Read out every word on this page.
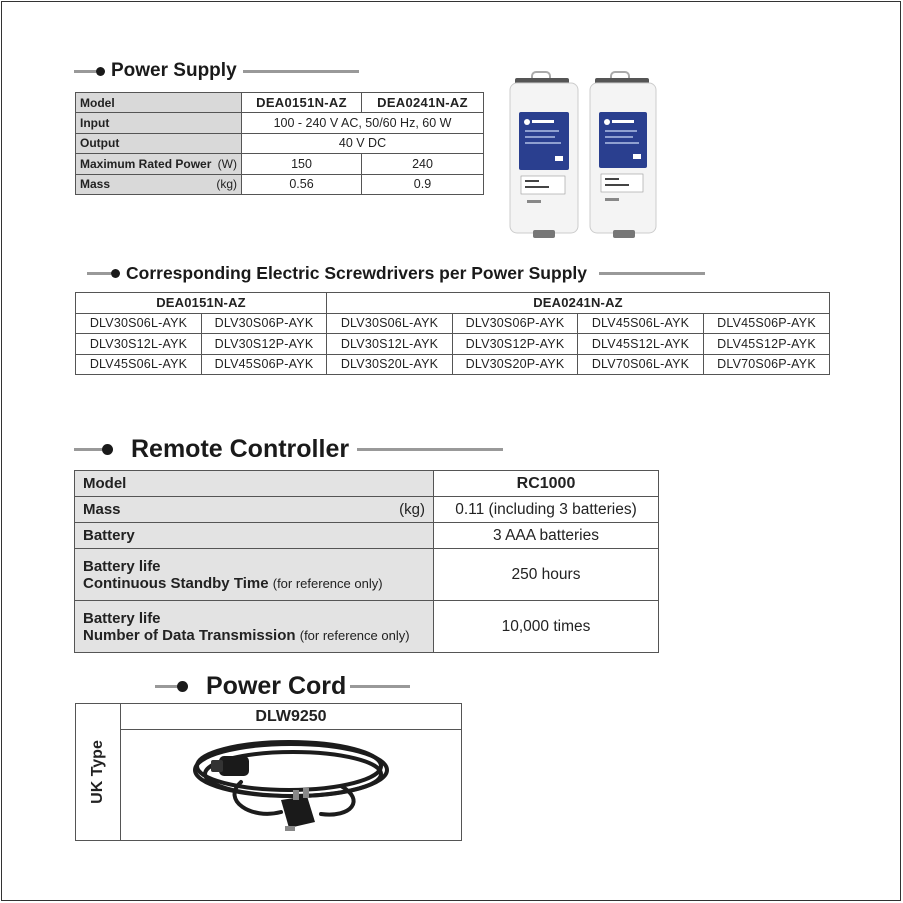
Power Supply
Model	DEA0151N-AZ	DEA0241N-AZ
Input	100 - 240 V AC, 50/60 Hz, 60 W	
Output	40 V DC	
Maximum Rated Power (W)	150	240
Mass (kg)	0.56	0.9
Corresponding Electric Screwdrivers per Power Supply
DEA0151N-AZ		DEA0241N-AZ			
DLV30S06L-AYK	DLV30S06P-AYK	DLV30S06L-AYK	DLV30S06P-AYK	DLV45S06L-AYK	DLV45S06P-AYK
DLV30S12L-AYK	DLV30S12P-AYK	DLV30S12L-AYK	DLV30S12P-AYK	DLV45S12L-AYK	DLV45S12P-AYK
DLV45S06L-AYK	DLV45S06P-AYK	DLV30S20L-AYK	DLV30S20P-AYK	DLV70S06L-AYK	DLV70S06P-AYK
Remote Controller
Model	RC1000
Mass (kg)	0.11 (including 3 batteries)
Battery	3 AAA batteries

Battery life
Continuous Standby Time (for reference only)	250 hours

Battery life
Number of Data Transmission (for reference only)	10,000 times
Power Cord
UK Type
	DLW9250
